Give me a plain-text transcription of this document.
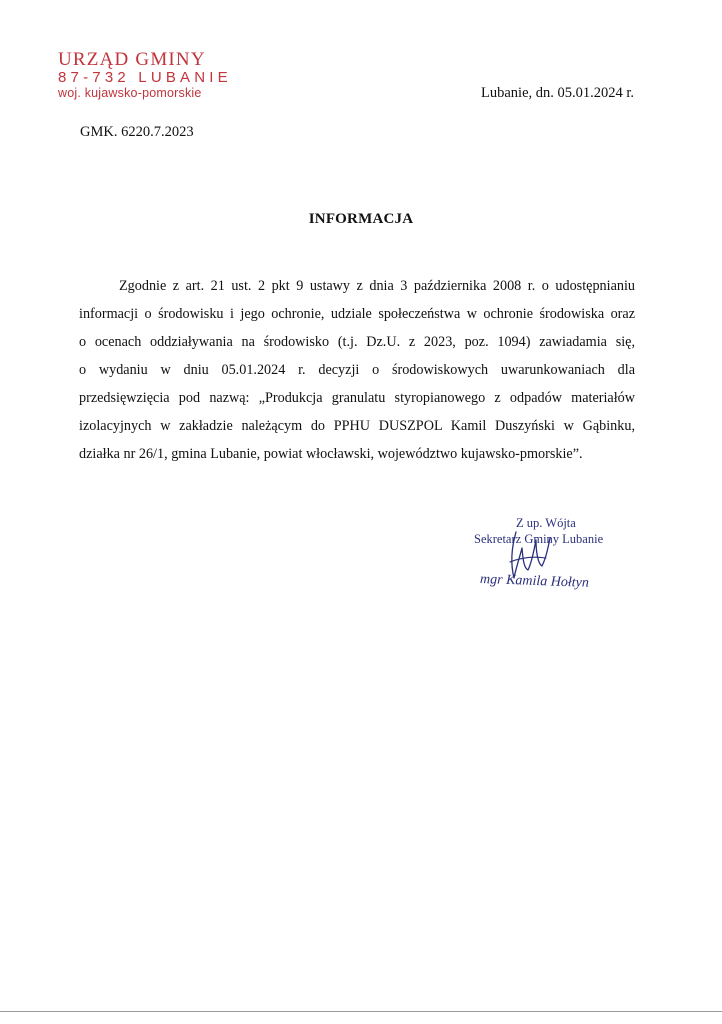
URZĄD GMINY
87-732 LUBANIE
woj. kujawsko-pomorskie	Lubanie, dn. 05.01.2024 r.
GMK. 6220.7.2023
INFORMACJA
Zgodnie z art. 21 ust. 2 pkt 9 ustawy z dnia 3 października 2008 r. o udostępnianiu
informacji o środowisku i jego ochronie, udziale społeczeństwa w ochronie środowiska oraz
o ocenach oddziaływania na środowisko (t.j. Dz.U. z 2023, poz. 1094) zawiadamia się,
o wydaniu w dniu 05.01.2024 r. decyzji o środowiskowych uwarunkowaniach dla
przedsięwzięcia pod nazwą: „Produkcja granulatu styropianowego z odpadów materiałów
izolacyjnych w zakładzie należącym do PPHU DUSZPOL Kamil Duszyński w Gąbinku,
działka nr 26/1, gmina Lubanie, powiat włocławski, województwo kujawsko-pmorskie”.
Z up. Wójta
Sekretarz Gminy Lubanie
mgr Kamila Hołtyn
